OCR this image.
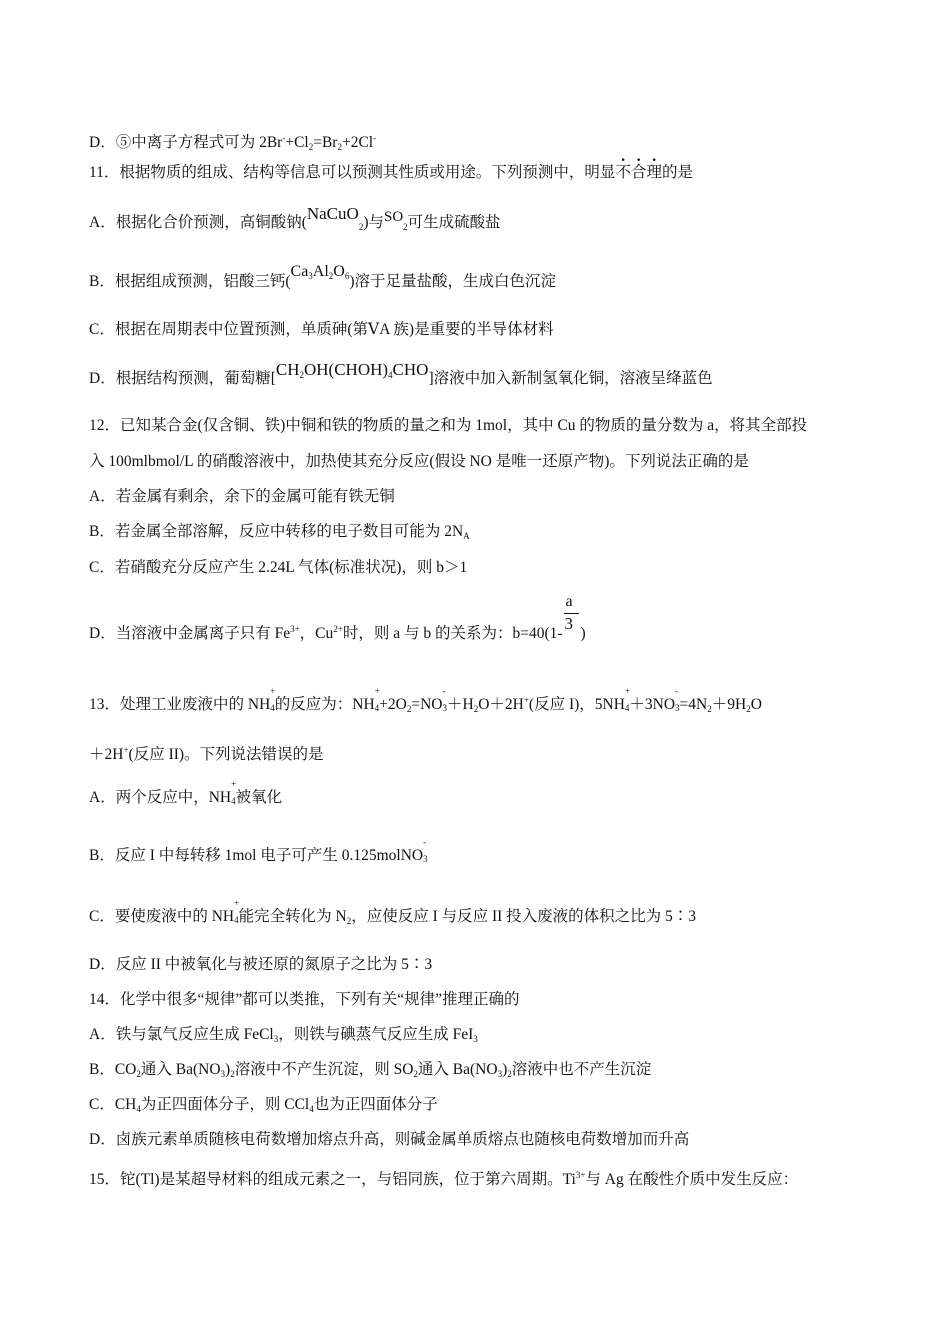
D．⑤中离子方程式可为 $2Br^-+Cl_2=Br_2+2Cl^-$
11．根据物质的组成、结构等信息可以预测其性质或用途。下列预测中，明显不合理的是
A．根据化合价预测，高铜酸钠(NaCuO$_2$)与$SO_2$可生成硫酸盐
B．根据组成预测，铝酸三钙$(Ca_3Al_2O_6)$溶于足量盐酸，生成白色沉淀
C．根据在周期表中位置预测，单质砷(第ⅤA 族)是重要的半导体材料
D．根据结构预测，葡萄糖$[CH_2OH(CHOH)_4CHO]$溶液中加入新制氢氧化铜，溶液呈绛蓝色
12．已知某合金(仅含铜、铁)中铜和铁的物质的量之和为 1mol，其中 Cu 的物质的量分数为 a，将其全部投
入 100mlbmol/L 的硝酸溶液中，加热使其充分反应(假设 NO 是唯一还原产物)。下列说法正确的是
A．若金属有剩余，余下的金属可能有铁无铜
B．若金属全部溶解，反应中转移的电子数目可能为 $2N_A$
C．若硝酸充分反应产生 2.24L 气体(标准状况)，则 b＞1
D．当溶液中金属离子只有 $Fe^{3+}$，$Cu^{2+}$时，则 a 与 b 的关系为：$b=40(1- \frac{a}{3}$ )
13．处理工业废液中的 NH
+
4的反应为：NH
+
$4+2O_2=NO$
-
$3+H_2O+2H^+$(反应 I)，5NH
+
4＋3NO
-
$3=4N_2+9H_2O$
＋2H+(反应 II)。下列说法错误的是
A．两个反应中，NH
+
4被氧化
B．反应 I 中每转移 1mol 电子可产生 0.125molNO
-
3
C．要使废液中的 NH
+
4能完全转化为 $N_2$，应使反应 I 与反应 II 投入废液的体积之比为 5∶3
D．反应 II 中被氧化与被还原的氮原子之比为 5∶3
14．化学中很多“规律”都可以类推，下列有关“规律”推理正确的
A．铁与氯气反应生成 FeCl$_3$，则铁与碘蒸气反应生成 FeI$_3$
B．$CO_2$通入 $Ba(NO_3)_2$溶液中不产生沉淀，则 $SO_2$通入 $Ba(NO_3)_2$溶液中也不产生沉淀
C．$CH_4$为正四面体分子，则 CCl$_4$也为正四面体分子
D．卤族元素单质随核电荷数增加熔点升高，则碱金属单质熔点也随核电荷数增加而升高
15．铊(Tl)是某超导材料的组成元素之一，与铝同族，位于第六周期。$Ti^{3+}$与 Ag 在酸性介质中发生反应：
